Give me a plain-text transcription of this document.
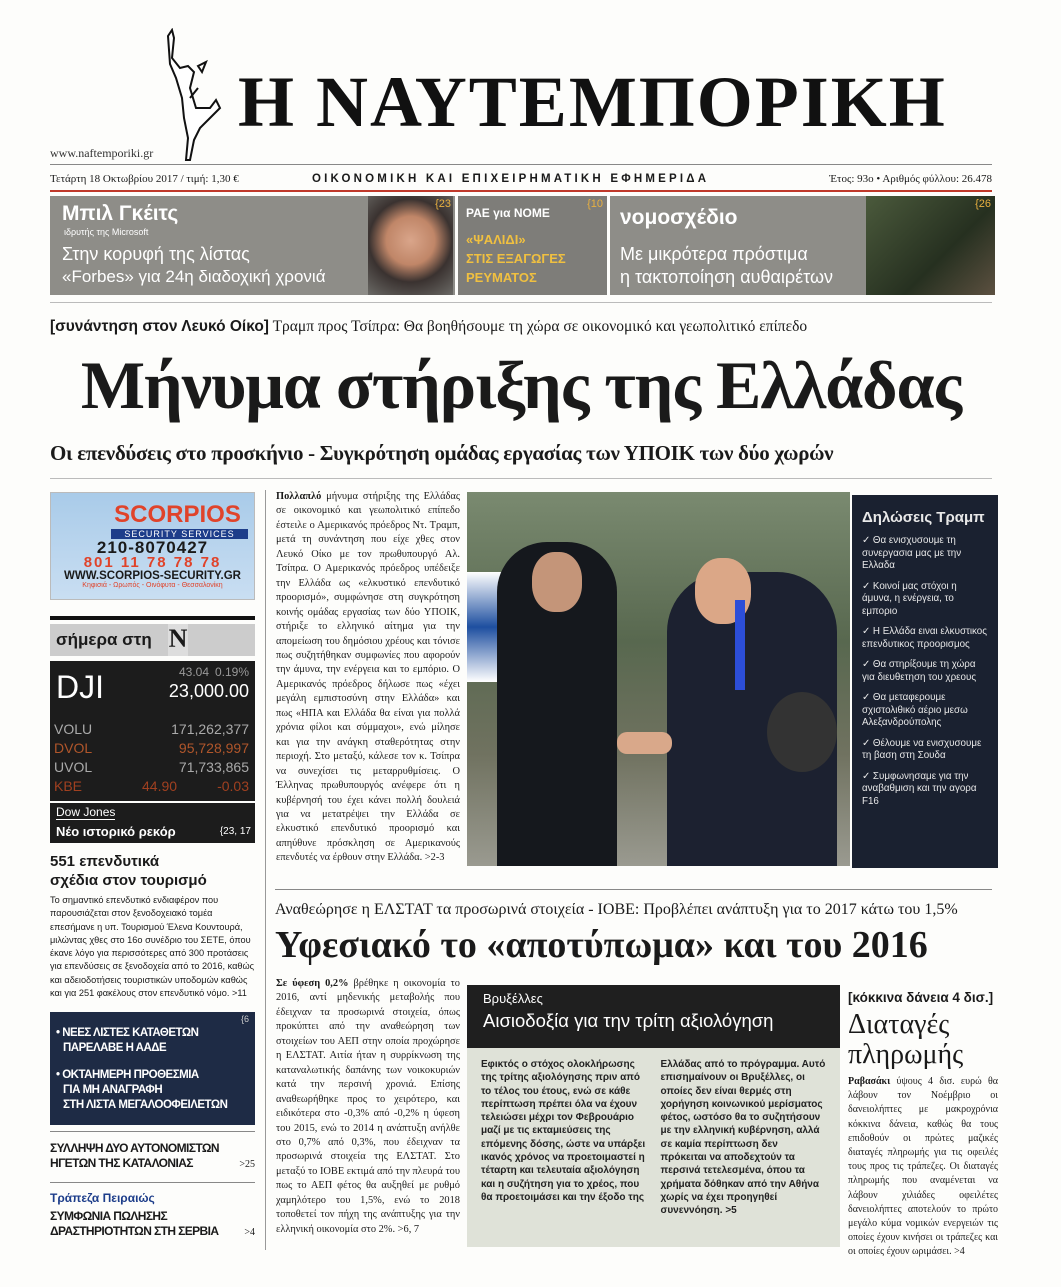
Η ΝΑΥΤΕΜΠΟΡΙΚΗ
www.naftemporiki.gr
Τετάρτη 18 Οκτωβρίου 2017 / τιμή: 1,30 €	ΟΙΚΟΝΟΜΙΚΗ ΚΑΙ ΕΠΙΧΕΙΡΗΜΑΤΙΚΗ ΕΦΗΜΕΡΙΔΑ	Έτος: 93ο • Αριθμός φύλλου: 26.478
Μπιλ Γκέιτς
ιδρυτής της Microsoft
Στην κορυφή της λίστας
«Forbes» για 24η διαδοχική χρονιά
{23
ΡΑΕ για ΝΟΜΕ
«ΨΑΛΙΔΙ»
ΣΤΙΣ ΕΞΑΓΩΓΕΣ
ΡΕΥΜΑΤΟΣ
{10
νομοσχέδιο
Με μικρότερα πρόστιμα
η τακτοποίηση αυθαιρέτων
{26
[συνάντηση στον Λευκό Οίκο] Τραμπ προς Τσίπρα: Θα βοηθήσουμε τη χώρα σε οικονομικό και γεωπολιτικό επίπεδο
Μήνυμα στήριξης της Ελλάδας
Οι επενδύσεις στο προσκήνιο - Συγκρότηση ομάδας εργασίας των ΥΠΟΙΚ των δύο χωρών
SCORPIOS
SECURITY SERVICES
210-8070427
801 11 78 78 78
WWW.SCORPIOS-SECURITY.GR
Κηφισιά - Ωρωπός - Οινόφυτα - Θεσσαλονίκη
σήμερα στη Ν
DJI	43.04 0.19%
23,000.00
VOLU	171,262,377
DVOL	95,728,997
UVOL	71,733,865
KBE	44.90	-0.03
Dow Jones
Νέο ιστορικό ρεκόρ	{23, 17
551 επενδυτικά
σχέδια στον τουρισμό
Το σημαντικό επενδυτικό ενδιαφέρον που παρουσιάζεται στον ξενοδοχειακό τομέα επεσήμανε η υπ. Τουρισμού Έλενα Κουντουρά, μιλώντας χθες στο 16ο συνέδριο του ΣΕΤΕ, όπου έκανε λόγο για περισσότερες από 300 προτάσεις για επενδύσεις σε ξενοδοχεία από το 2016, καθώς και αδειοδοτήσεις τουριστικών υποδομών καθώς και για 251 φακέλους στον επενδυτικό νόμο. >11
{6
• ΝΕΕΣ ΛΙΣΤΕΣ ΚΑΤΑΘΕΤΩΝ
ΠΑΡΕΛΑΒΕ Η ΑΑΔΕ
• ΟΚΤΑΗΜΕΡΗ ΠΡΟΘΕΣΜΙΑ
ΓΙΑ ΜΗ ΑΝΑΓΡΑΦΗ
ΣΤΗ ΛΙΣΤΑ ΜΕΓΑΛΟΟΦΕΙΛΕΤΩΝ
ΣΥΛΛΗΨΗ ΔΥΟ ΑΥΤΟΝΟΜΙΣΤΩΝ
ΗΓΕΤΩΝ ΤΗΣ ΚΑΤΑΛΟΝΙΑΣ	>25
Τράπεζα Πειραιώς
ΣΥΜΦΩΝΙΑ ΠΩΛΗΣΗΣ
ΔΡΑΣΤΗΡΙΟΤΗΤΩΝ ΣΤΗ ΣΕΡΒΙΑ	>4
Πολλαπλό μήνυμα στήριξης της Ελλάδας σε οικονομικό και γεωπολιτικό επίπεδο έστειλε ο Αμερικανός πρόεδρος Ντ. Τραμπ, μετά τη συνάντηση που είχε χθες στον Λευκό Οίκο με τον πρωθυπουργό Αλ. Τσίπρα. Ο Αμερικανός πρόεδρος υπέδειξε την Ελλάδα ως «ελκυστικό επενδυτικό προορισμό», συμφώνησε στη συγκρότηση κοινής ομάδας εργασίας των δύο ΥΠΟΙΚ, στήριξε το ελληνικό αίτημα για την απομείωση του δημόσιου χρέους και τόνισε πως συζητήθηκαν συμφωνίες που αφορούν την άμυνα, την ενέργεια και το εμπόριο. Ο Αμερικανός πρόεδρος δήλωσε πως «έχει μεγάλη εμπιστοσύνη στην Ελλάδα» και πως «ΗΠΑ και Ελλάδα θα είναι για πολλά χρόνια φίλοι και σύμμαχοι», ενώ μίλησε και για την ανάγκη σταθερότητας στην περιοχή. Στο μεταξύ, κάλεσε τον κ. Τσίπρα να συνεχίσει τις μεταρρυθμίσεις. Ο Έλληνας πρωθυπουργός ανέφερε ότι η κυβέρνησή του έχει κάνει πολλή δουλειά για να μετατρέψει την Ελλάδα σε ελκυστικό επενδυτικό προορισμό και απηύθυνε πρόσκληση σε Αμερικανούς επενδυτές να έρθουν στην Ελλάδα. >2-3
Δηλώσεις Τραμπ
✓ Θα ενισχυσουμε τη συνεργασια μας με την Ελλαδα
✓ Κοινοί μας στόχοι η άμυνα, η ενέργεια, το εμποριο
✓ Η Ελλάδα ειναι ελκυστικος επενδυτικος προορισμος
✓ Θα στηρίξουμε τη χώρα για διευθετηση του χρεους
✓ Θα μεταφερουμε σχιστολιθικό αέριο μεσω Αλεξανδρούπολης
✓ Θέλουμε να ενισχυσουμε τη βαση στη Σουδα
✓ Συμφωνησαμε για την αναβαθμιση και την αγορα F16
Αναθεώρησε η ΕΛΣΤΑΤ τα προσωρινά στοιχεία - ΙΟΒΕ: Προβλέπει ανάπτυξη για το 2017 κάτω του 1,5%
Υφεσιακό το «αποτύπωμα» και του 2016
Σε ύφεση 0,2% βρέθηκε η οικονομία το 2016, αντί μηδενικής μεταβολής που έδειχναν τα προσωρινά στοιχεία, όπως προκύπτει από την αναθεώρηση των στοιχείων του ΑΕΠ στην οποία προχώρησε η ΕΛΣΤΑΤ. Αιτία ήταν η συρρίκνωση της καταναλωτικής δαπάνης των νοικοκυριών κατά την περσινή χρονιά. Επίσης αναθεωρήθηκε προς το χειρότερο, και ειδικότερα στο -0,3% από -0,2% η ύφεση του 2015, ενώ το 2014 η ανάπτυξη ανήλθε στο 0,7% από 0,3%, που έδειχναν τα προσωρινά στοιχεία της ΕΛΣΤΑΤ. Στο μεταξύ το ΙΟΒΕ εκτιμά από την πλευρά του πως το ΑΕΠ φέτος θα αυξηθεί με ρυθμό χαμηλότερο του 1,5%, ενώ το 2018 τοποθετεί τον πήχη της ανάπτυξης για την ελληνική οικονομία στο 2%. >6, 7
Βρυξέλλες
Αισιοδοξία για την τρίτη αξιολόγηση

Εφικτός ο στόχος ολοκλήρωσης της τρίτης αξιολόγησης πριν από το τέλος του έτους, ενώ σε κάθε περίπτωση πρέπει όλα να έχουν τελειώσει μέχρι τον Φεβρουάριο μαζί με τις εκταμιεύσεις της επόμενης δόσης, ώστε να υπάρξει ικανός χρόνος να προετοιμαστεί η τέταρτη και τελευταία αξιολόγηση και η συζήτηση για το χρέος, που θα προετοιμάσει και την έξοδο της

Ελλάδας από το πρόγραμμα. Αυτό επισημαίνουν οι Βρυξέλλες, οι οποίες δεν είναι θερμές στη χορήγηση κοινωνικού μερίσματος φέτος, ωστόσο θα το συζητήσουν με την ελληνική κυβέρνηση, αλλά σε καμία περίπτωση δεν πρόκειται να αποδεχτούν τα περσινά τετελεσμένα, όπου τα χρήματα δόθηκαν από την Αθήνα χωρίς να έχει προηγηθεί συνεννόηση. >5

[κόκκινα δάνεια 4 δισ.]
Διαταγές
πληρωμής
Ραβασάκι ύψους 4 δισ. ευρώ θα λάβουν τον Νοέμβριο οι δανειολήπτες με μακροχρόνια κόκκινα δάνεια, καθώς θα τους επιδοθούν οι πρώτες μαζικές διαταγές πληρωμής για τις οφειλές τους προς τις τράπεζες. Οι διαταγές πληρωμής που αναμένεται να λάβουν χιλιάδες οφειλέτες δανειολήπτες αποτελούν το πρώτο μεγάλο κύμα νομικών ενεργειών τις οποίες έχουν κινήσει οι τράπεζες και οι οποίες έχουν ωριμάσει. >4
